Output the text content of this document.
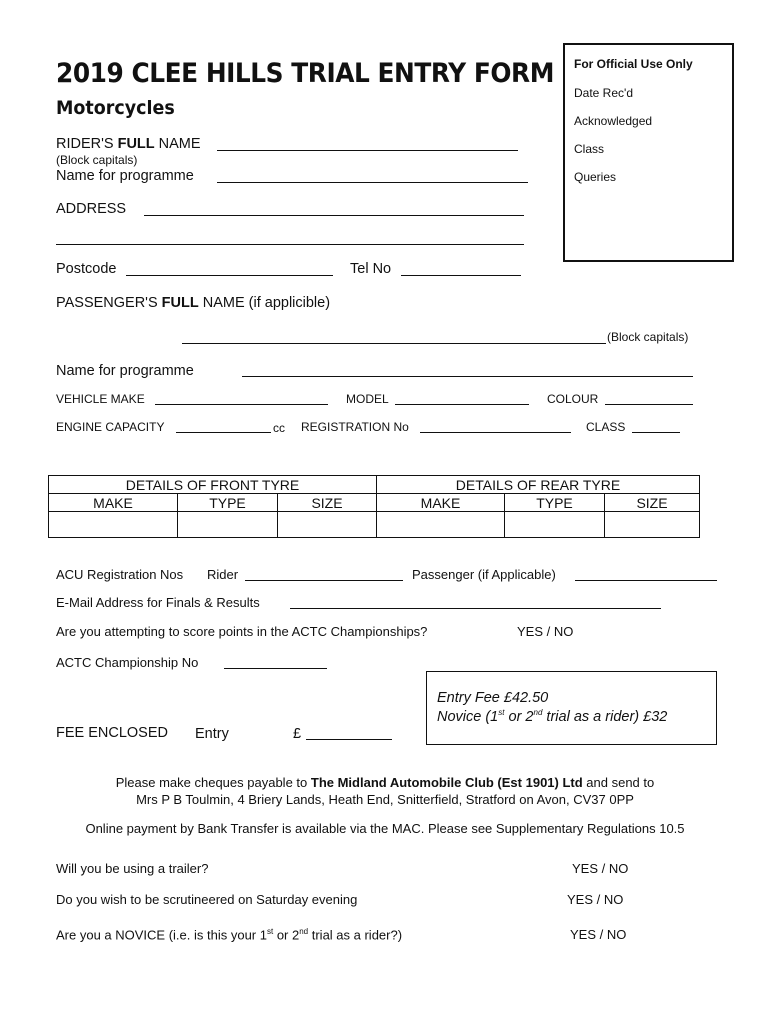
2019 CLEE HILLS TRIAL ENTRY FORM
Motorcycles
For Official Use Only
Date Rec'd
Acknowledged
Class
Queries
RIDER'S FULL NAME
(Block capitals)
Name for programme
ADDRESS
Postcode	Tel No
PASSENGER'S FULL NAME (if applicible)
(Block capitals)
Name for programme
VEHICLE MAKE	MODEL	COLOUR
ENGINE CAPACITY	cc REGISTRATION No	CLASS
DETAILS OF FRONT TYRE			DETAILS OF REAR TYRE		
MAKE	TYPE	SIZE	MAKE	TYPE	SIZE

ACU Registration Nos Rider	Passenger (if Applicable)
E-Mail Address for Finals & Results
Are you attempting to score points in the ACTC Championships?	YES / NO
ACTC Championship No
Entry Fee £42.50
Novice (1st or 2nd trial as a rider) £32
FEE ENCLOSED Entry	£
Please make cheques payable to The Midland Automobile Club (Est 1901) Ltd and send to
Mrs P B Toulmin, 4 Briery Lands, Heath End, Snitterfield, Stratford on Avon, CV37 0PP
Online payment by Bank Transfer is available via the MAC. Please see Supplementary Regulations 10.5
Will you be using a trailer?	YES / NO
Do you wish to be scrutineered on Saturday evening	YES / NO
Are you a NOVICE (i.e. is this your 1st or 2nd trial as a rider?)	YES / NO
